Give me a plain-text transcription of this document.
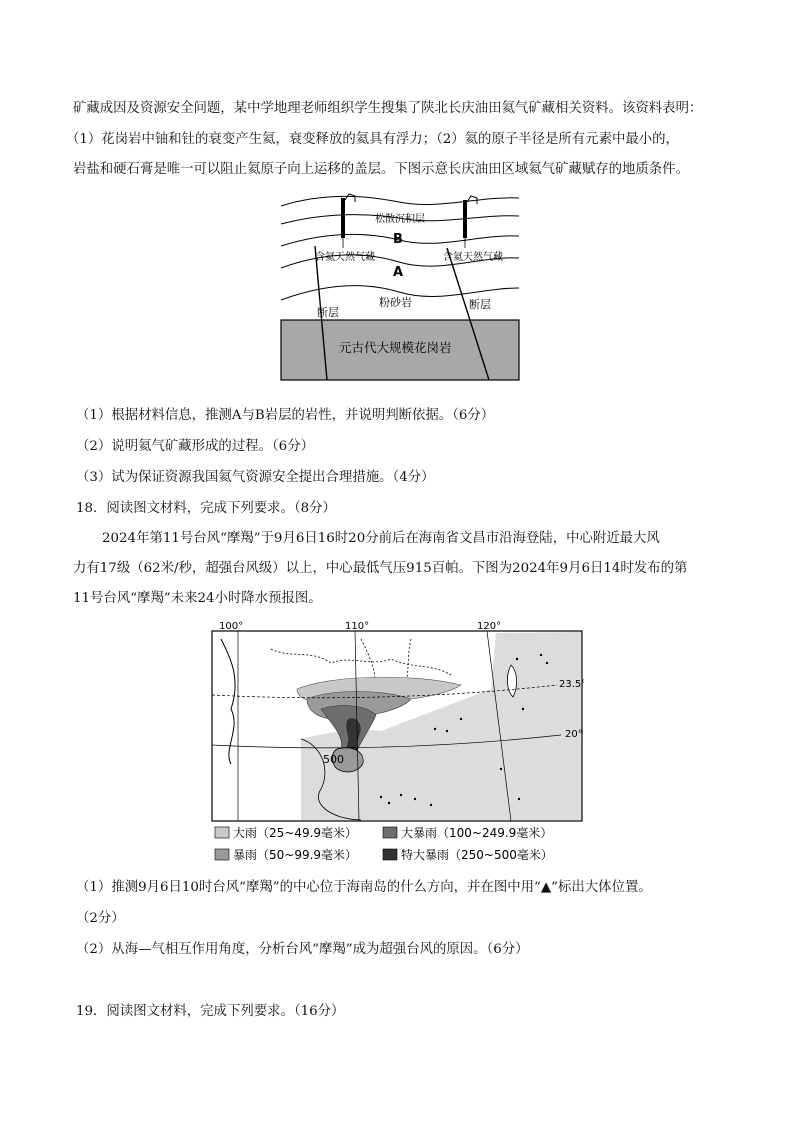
矿藏成因及资源安全问题，某中学地理老师组织学生搜集了陕北长庆油田氦气矿藏相关资料。该资料表明：
（1）花岗岩中铀和钍的衰变产生氦，衰变释放的氦具有浮力；（2）氦的原子半径是所有元素中最小的，
岩盐和硬石膏是唯一可以阻止氦原子向上运移的盖层。下图示意长庆油田区域氦气矿藏赋存的地质条件。
松散沉积层
B
含氦天然气藏	含氦天然气藏
A
粉砂岩
断层
断层
元古代大规模花岗岩
（1）根据材料信息，推测A与B岩层的岩性，并说明判断依据。（6分）
（2）说明氦气矿藏形成的过程。（6分）
（3）试为保证资源我国氦气资源安全提出合理措施。（4分）
18．阅读图文材料，完成下列要求。（8分）
2024年第11号台风“摩羯”于9月6日16时20分前后在海南省文昌市沿海登陆，中心附近最大风
力有17级（62米/秒，超强台风级）以上，中心最低气压915百帕。下图为2024年9月6日14时发布的第
11号台风“摩羯”未来24小时降水预报图。
100°	110°	120°
23.5°
20°
500
大雨（25~49.9毫米）	大暴雨（100~249.9毫米）
暴雨（50~99.9毫米）	特大暴雨（250~500毫米）
（1）推测9月6日10时台风“摩羯”的中心位于海南岛的什么方向，并在图中用“▲”标出大体位置。
（2分）
（2）从海—气相互作用角度，分析台风“摩羯”成为超强台风的原因。（6分）
19．阅读图文材料，完成下列要求。（16分）
